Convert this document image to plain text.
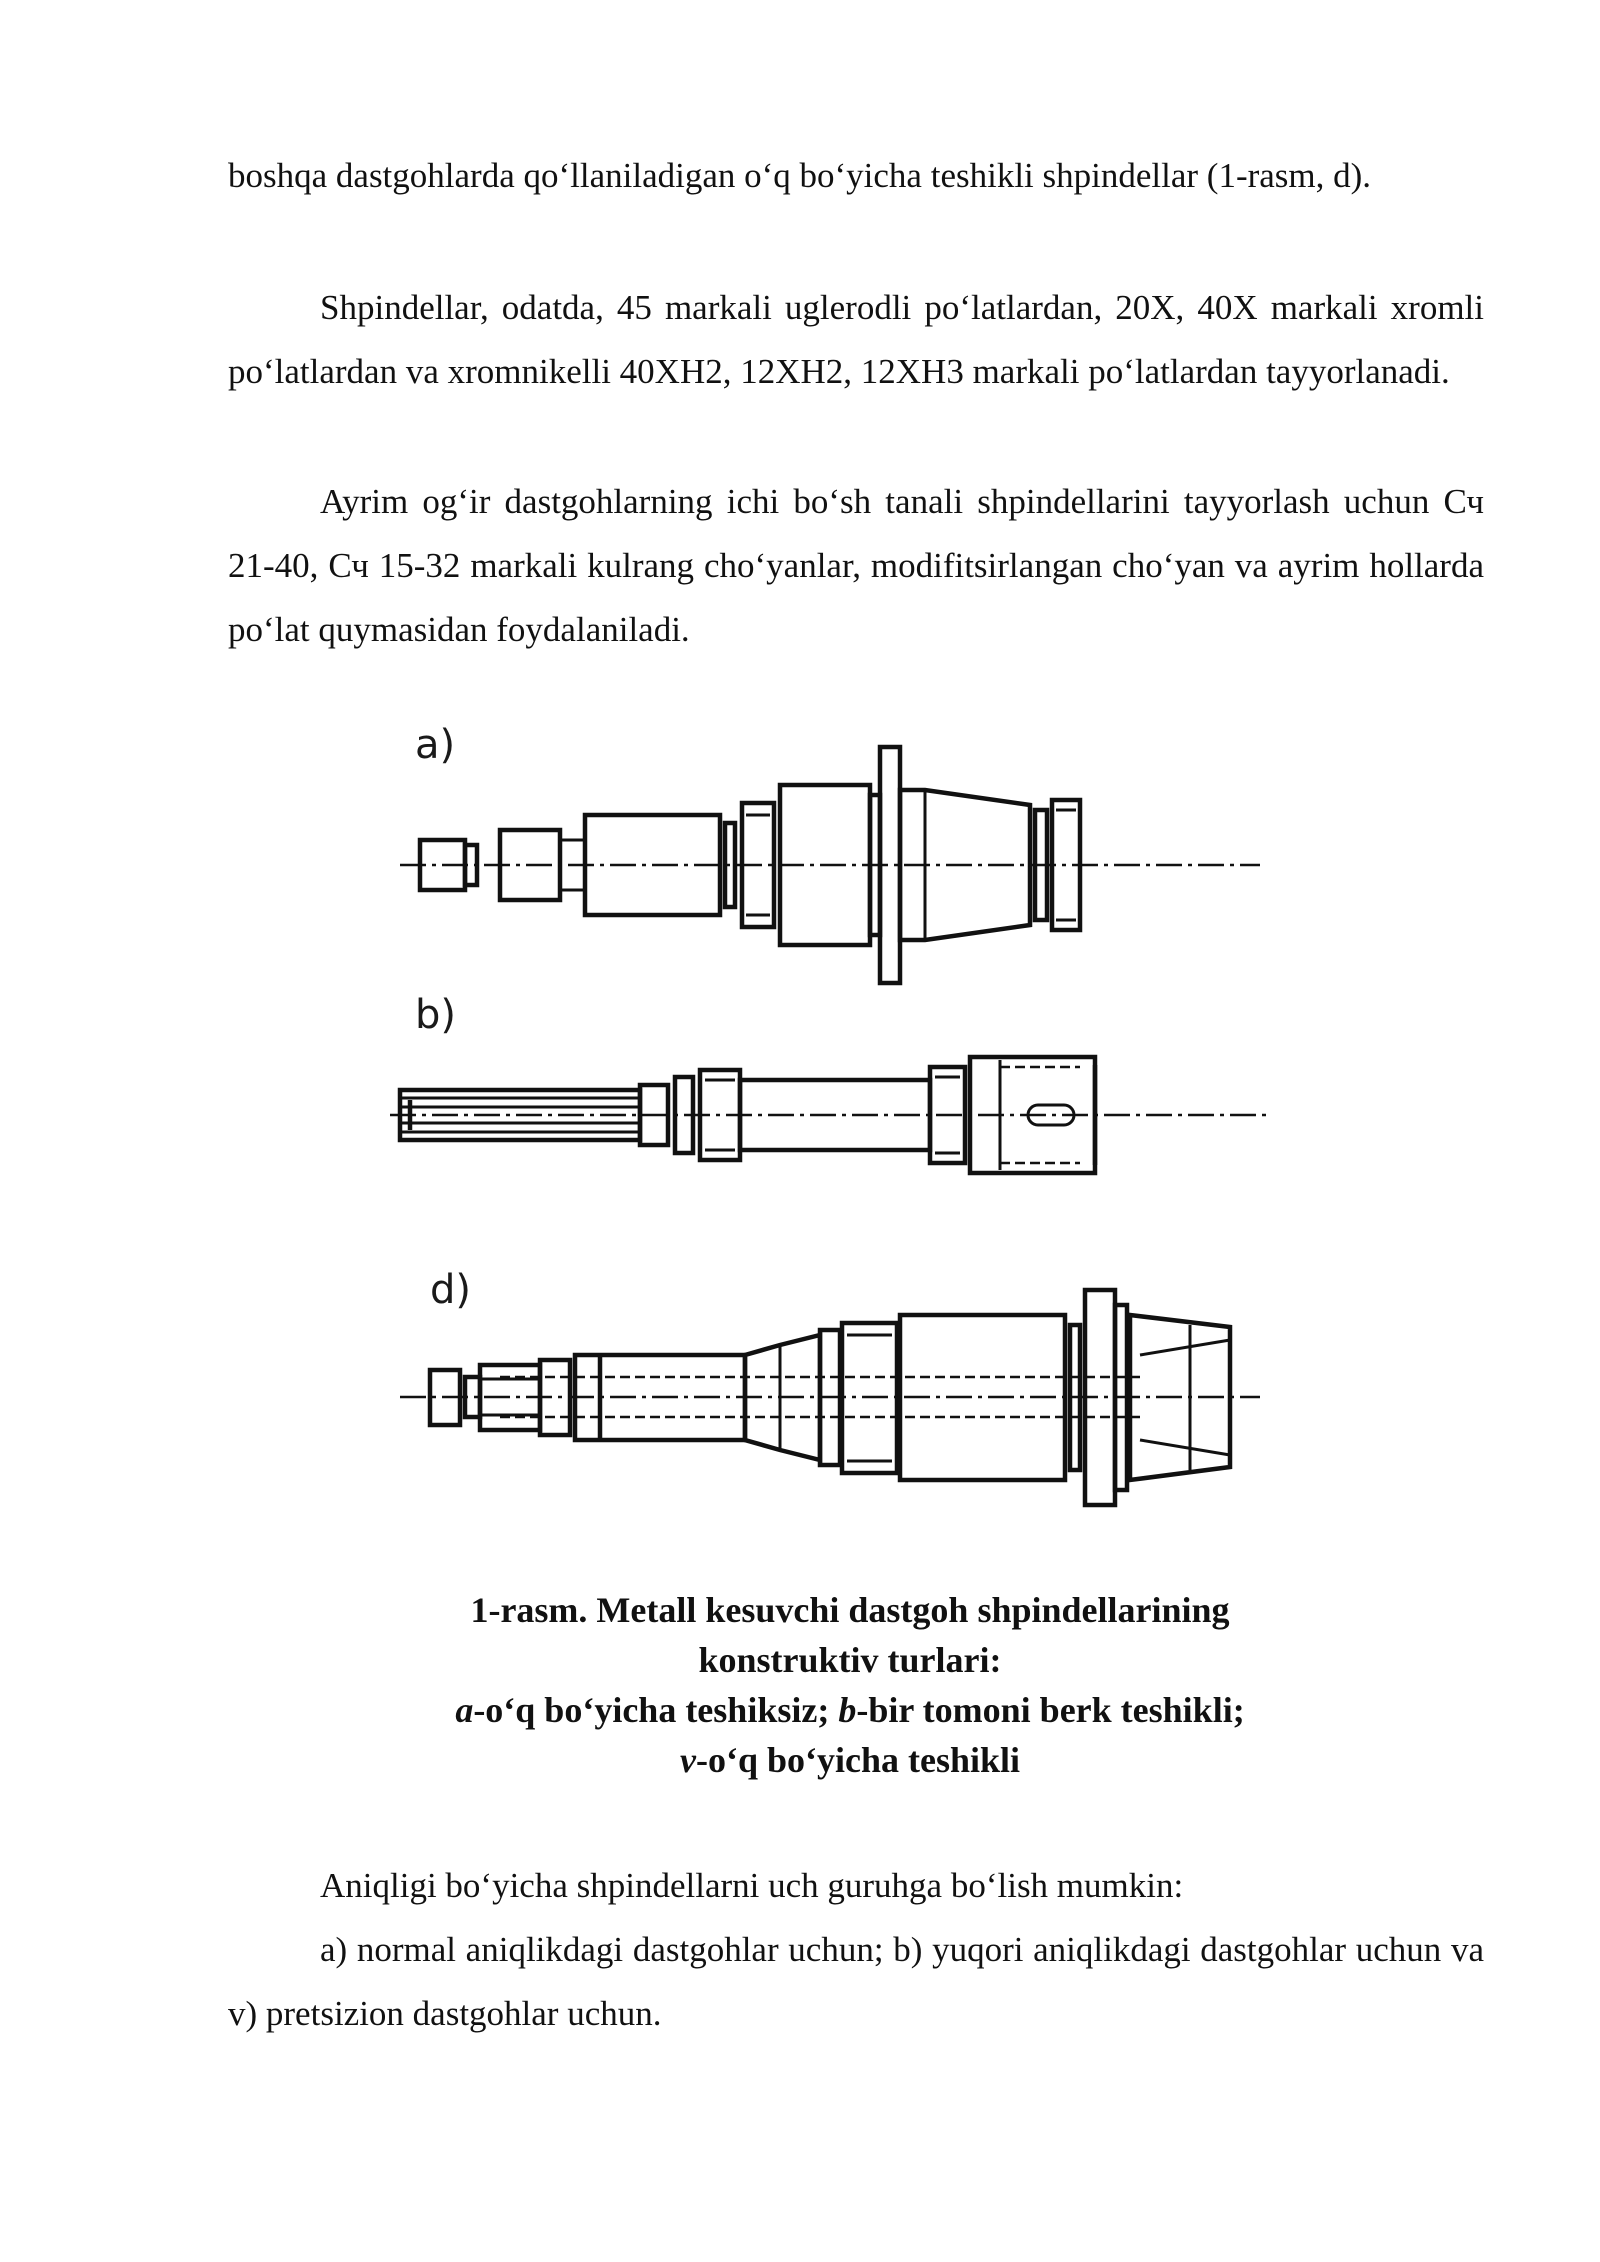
boshqa dastgohlarda qo‘llaniladigan o‘q bo‘yicha teshikli shpindellar (1-rasm, d).

Shpindellar, odatda, 45 markali uglerodli po‘latlardan, 20X, 40X markali xromli po‘latlardan va xromnikelli 40XH2, 12XH2, 12XH3 markali po‘latlardan tayyorlanadi.

Ayrim og‘ir dastgohlarning ichi bo‘sh tanali shpindellarini tayyorlash uchun Сч 21-40, Сч 15-32 markali kulrang cho‘yanlar, modifitsirlangan cho‘yan va ayrim hollarda po‘lat quymasidan foydalaniladi.

a)
b)
d)
1-rasm. Metall kesuvchi dastgoh shpindellarining
konstruktiv turlari:
a-o‘q bo‘yicha teshiksiz; b-bir tomoni berk teshikli;
v-o‘q bo‘yicha teshikli

Aniqligi bo‘yicha shpindellarni uch guruhga bo‘lish mumkin:

a) normal aniqlikdagi dastgohlar uchun; b) yuqori aniqlikdagi dastgohlar uchun va v) pretsizion dastgohlar uchun.
